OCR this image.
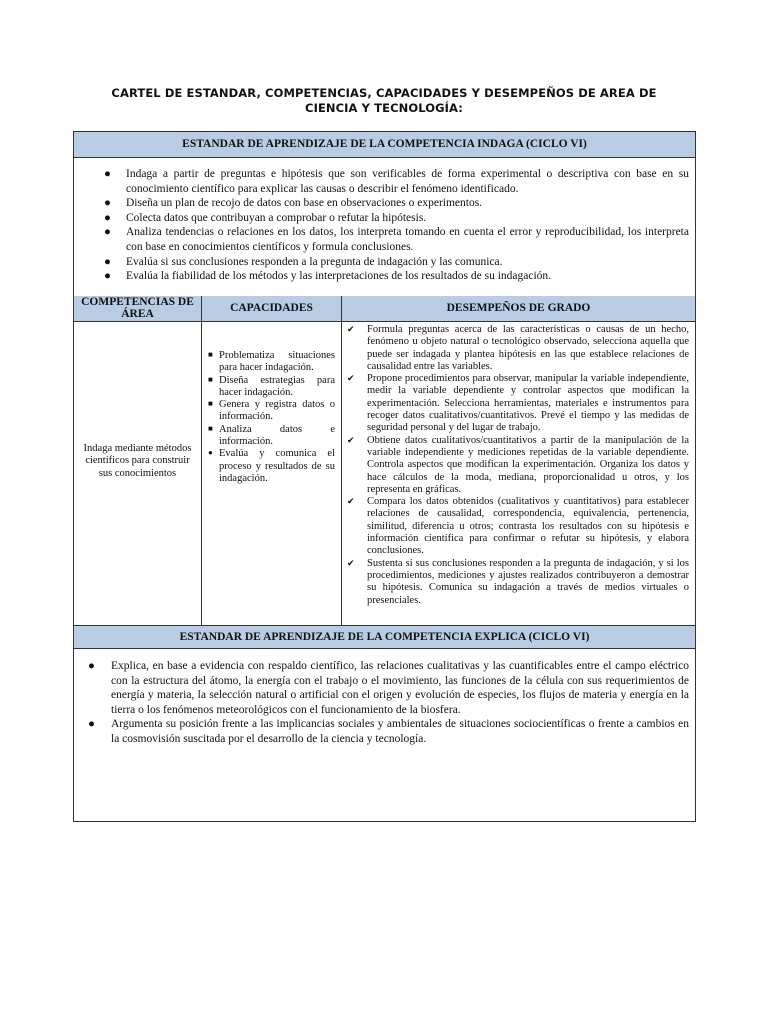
CARTEL DE ESTANDAR, COMPETENCIAS, CAPACIDADES Y DESEMPEÑOS DE AREA DE CIENCIA Y TECNOLOGÍA:
ESTANDAR DE APRENDIZAJE DE LA COMPETENCIA INDAGA (CICLO VI)
● Indaga a partir de preguntas e hipótesis que son verificables de forma experimental o descriptiva con base en su conocimiento científico para explicar las causas o describir el fenómeno identificado.
● Diseña un plan de recojo de datos con base en observaciones o experimentos.
● Colecta datos que contribuyan a comprobar o refutar la hipótesis.
● Analiza tendencias o relaciones en los datos, los interpreta tomando en cuenta el error y reproducibilidad, los interpreta con base en conocimientos científicos y formula conclusiones.
● Evalúa si sus conclusiones responden a la pregunta de indagación y las comunica.
● Evalúa la fiabilidad de los métodos y las interpretaciones de los resultados de su indagación.
COMPETENCIAS DE ÁREA
Indaga mediante métodos científicos para construir sus conocimientos
CAPACIDADES
■ Problematiza situaciones para hacer indagación.
■ Diseña estrategias para hacer indagación.
■ Genera y registra datos o información.
■ Analiza datos e información.
● Evalúa y comunica el proceso y resultados de su indagación.
DESEMPEÑOS DE GRADO
✔ Formula preguntas acerca de las características o causas de un hecho, fenómeno u objeto natural o tecnológico observado, selecciona aquella que puede ser indagada y plantea hipótesis en las que establece relaciones de causalidad entre las variables.
✔ Propone procedimientos para observar, manipular la variable independiente, medir la variable dependiente y controlar aspectos que modifican la experimentación. Selecciona herramientas, materiales e instrumentos para recoger datos cualitativos/cuantitativos. Prevé el tiempo y las medidas de seguridad personal y del lugar de trabajo.
✔ Obtiene datos cualitativos/cuantitativos a partir de la manipulación de la variable independiente y mediciones repetidas de la variable dependiente. Controla aspectos que modifican la experimentación. Organiza los datos y hace cálculos de la moda, mediana, proporcionalidad u otros, y los representa en gráficas.
✔ Compara los datos obtenidos (cualitativos y cuantitativos) para establecer relaciones de causalidad, correspondencia, equivalencia, pertenencia, similitud, diferencia u otros; contrasta los resultados con su hipótesis e información científica para confirmar o refutar su hipótesis, y elabora conclusiones.
✔ Sustenta si sus conclusiones responden a la pregunta de indagación, y si los procedimientos, mediciones y ajustes realizados contribuyeron a demostrar su hipótesis. Comunica su indagación a través de medios virtuales o presenciales.
ESTANDAR DE APRENDIZAJE DE LA COMPETENCIA EXPLICA (CICLO VI)
● Explica, en base a evidencia con respaldo científico, las relaciones cualitativas y las cuantificables entre el campo eléctrico con la estructura del átomo, la energía con el trabajo o el movimiento, las funciones de la célula con sus requerimientos de energía y materia, la selección natural o artificial con el origen y evolución de especies, los flujos de materia y energía en la tierra o los fenómenos meteorológicos con el funcionamiento de la biosfera.
● Argumenta su posición frente a las implicancias sociales y ambientales de situaciones sociocientíficas o frente a cambios en la cosmovisión suscitada por el desarrollo de la ciencia y tecnología.
